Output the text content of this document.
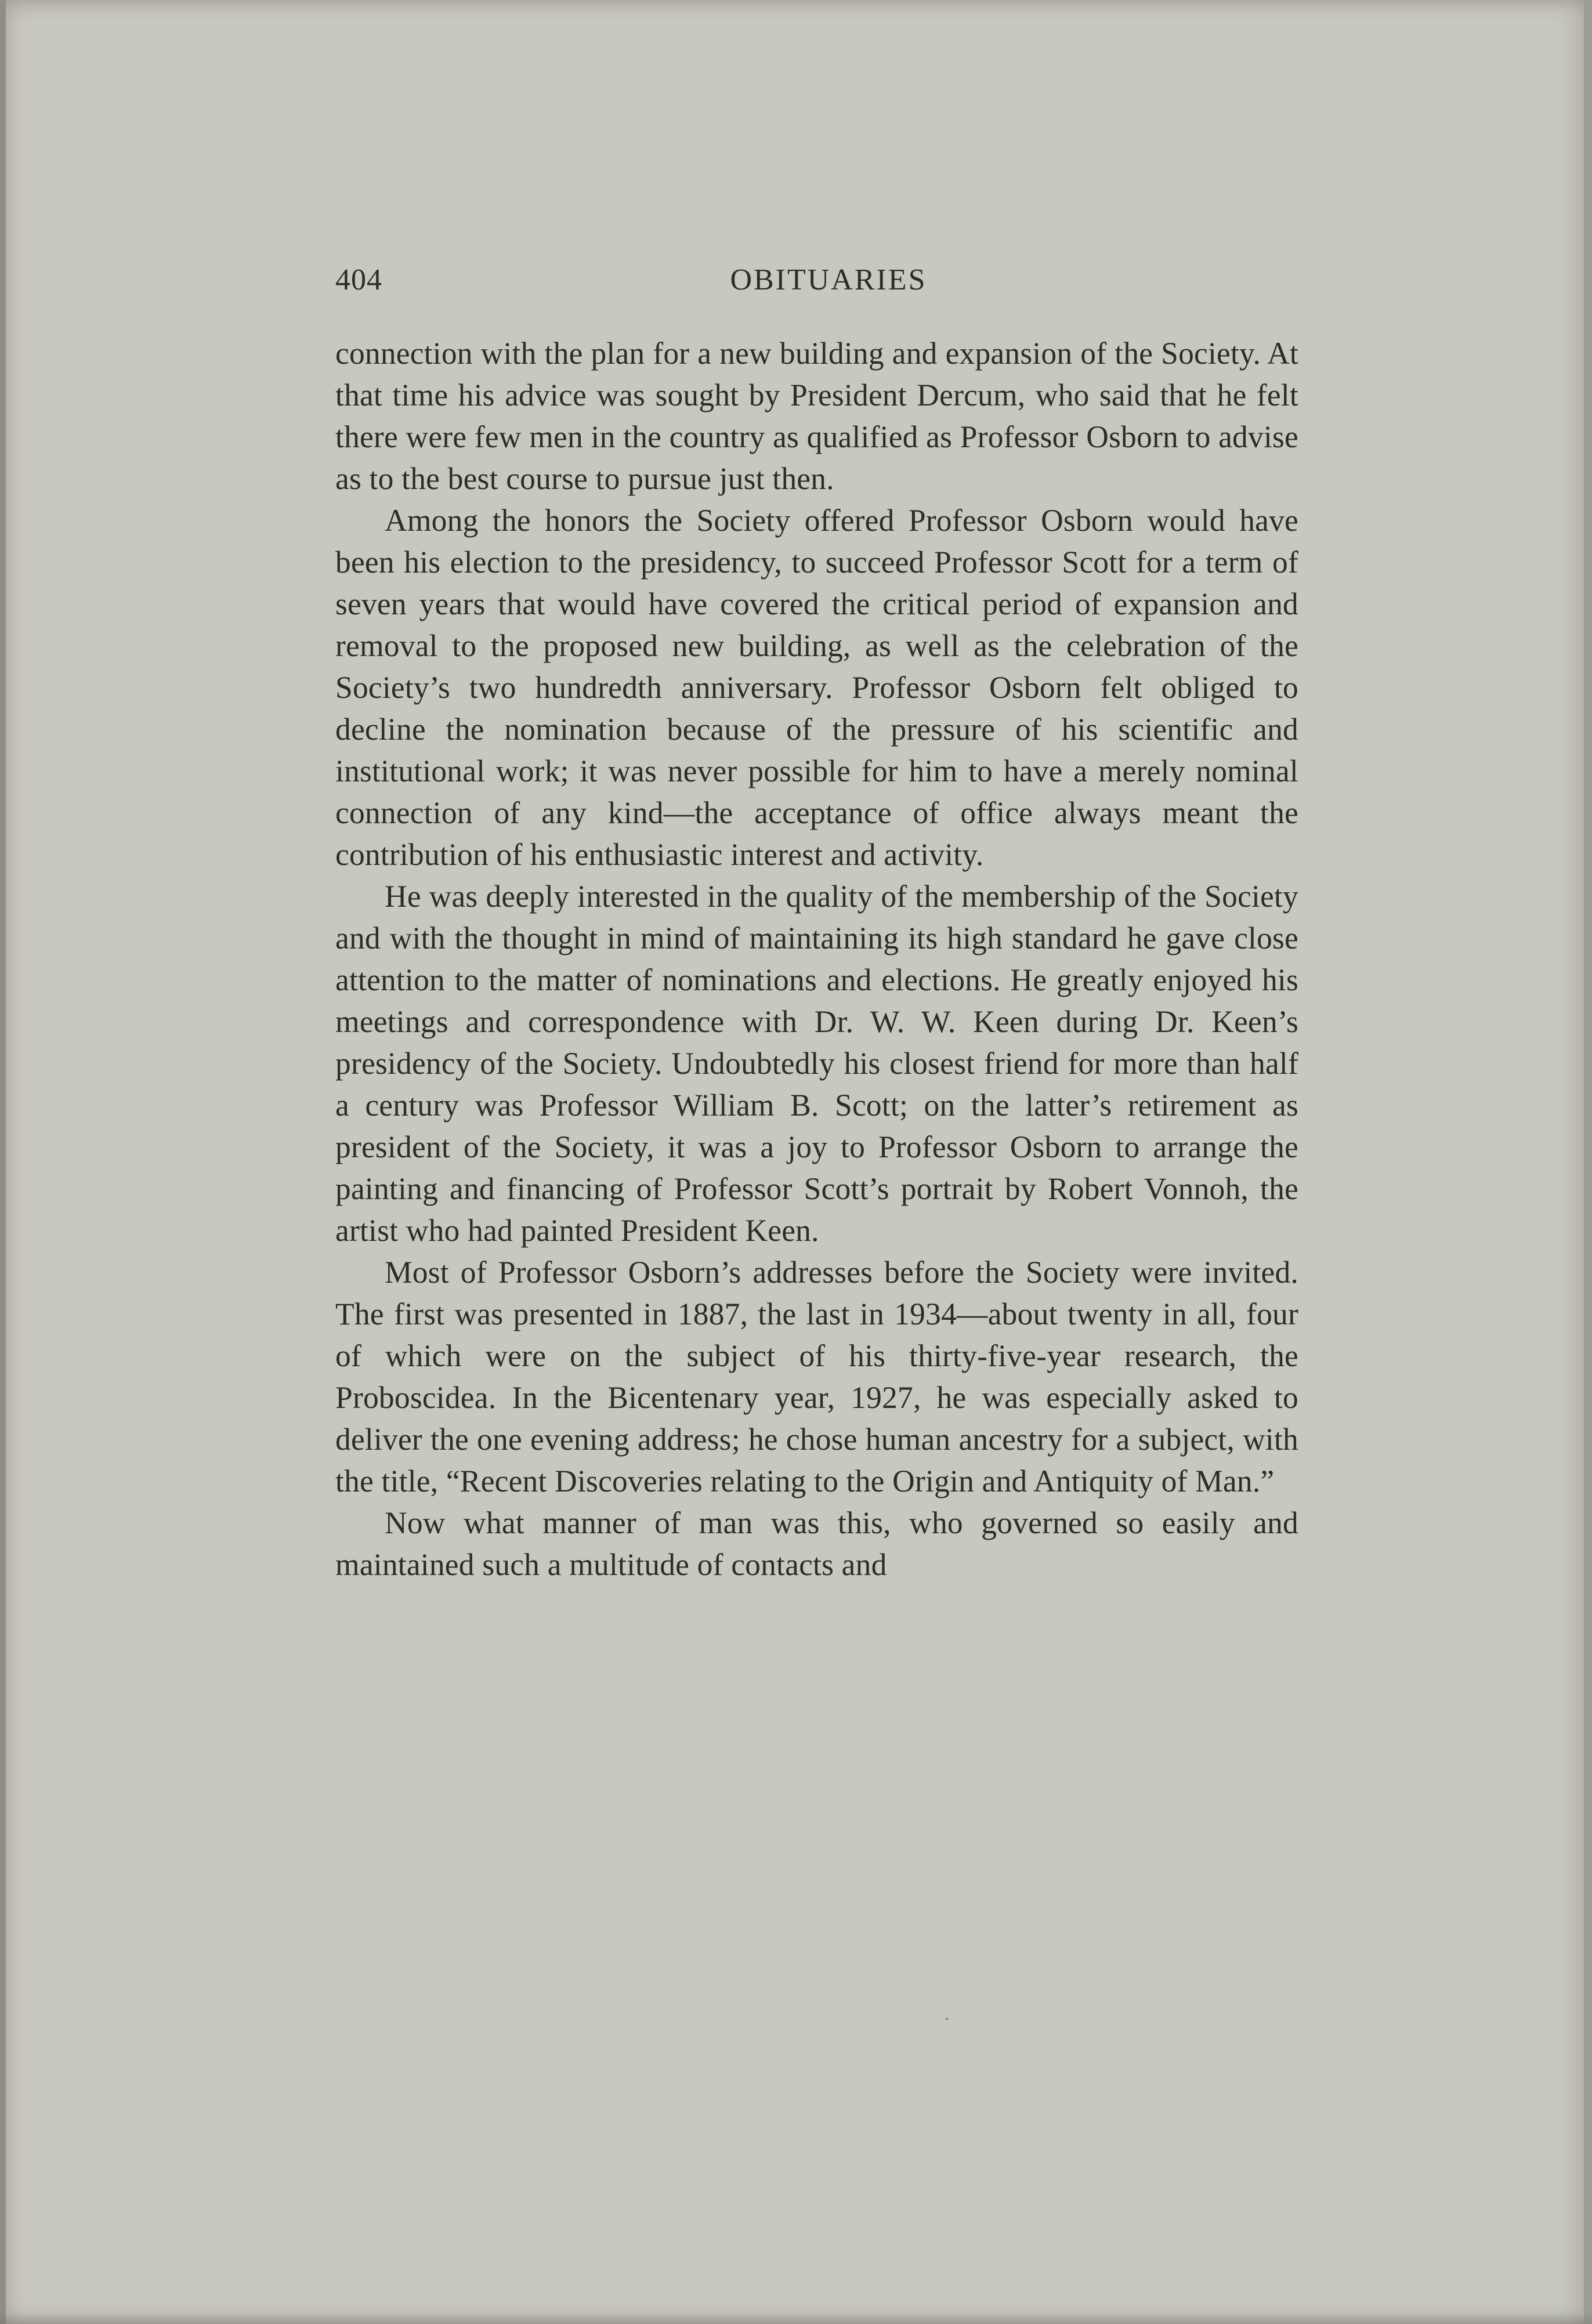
404	OBITUARIES

connection with the plan for a new building and expansion of the Society. At that time his advice was sought by President Dercum, who said that he felt there were few men in the country as qualified as Professor Osborn to advise as to the best course to pursue just then.

Among the honors the Society offered Professor Osborn would have been his election to the presidency, to succeed Professor Scott for a term of seven years that would have covered the critical period of expansion and removal to the proposed new building, as well as the celebration of the Society’s two hundredth anniversary. Professor Osborn felt obliged to decline the nomination because of the pressure of his scientific and institutional work; it was never possible for him to have a merely nominal connection of any kind—the acceptance of office always meant the contribution of his enthusiastic interest and activity.

He was deeply interested in the quality of the membership of the Society and with the thought in mind of maintaining its high standard he gave close attention to the matter of nominations and elections. He greatly enjoyed his meetings and correspondence with Dr. W. W. Keen during Dr. Keen’s presidency of the Society. Undoubtedly his closest friend for more than half a century was Professor William B. Scott; on the latter’s retirement as president of the Society, it was a joy to Professor Osborn to arrange the painting and financing of Professor Scott’s portrait by Robert Vonnoh, the artist who had painted President Keen.

Most of Professor Osborn’s addresses before the Society were invited. The first was presented in 1887, the last in 1934—about twenty in all, four of which were on the subject of his thirty-five-year research, the Proboscidea. In the Bicentenary year, 1927, he was especially asked to deliver the one evening address; he chose human ancestry for a subject, with the title, “Recent Discoveries relating to the Origin and Antiquity of Man.”

Now what manner of man was this, who governed so easily and maintained such a multitude of contacts and
